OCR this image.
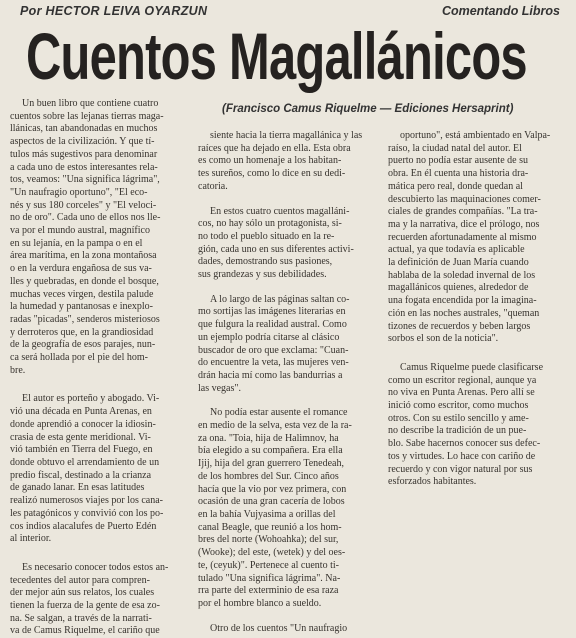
Por HECTOR LEIVA OYARZUN	Comentando Libros
Cuentos Magallánicos
(Francisco Camus Riquelme — Ediciones Hersaprint)

Un buen libro que contiene cuatro
cuentos sobre las lejanas tierras maga-
llánicas, tan abandonadas en muchos
aspectos de la civilización. Y que tí-
tulos más sugestivos para denominar
a cada uno de estos interesantes rela-
tos, veamos: "Una significa lágrima",
"Un naufragio oportuno", "El eco-
nés y sus 180 corceles" y "El veloci-
no de oro". Cada uno de ellos nos lle-
va por el mundo austral, magnífico
en su lejanía, en la pampa o en el
área marítima, en la zona montañosa
o en la verdura engañosa de sus va-
lles y quebradas, en donde el bosque,
muchas veces virgen, destila palude
la humedad y pantanosas e inexplo-
radas "picadas", senderos misteriosos
y derroteros que, en la grandiosidad
de la geografía de esos parajes, nun-
ca será hollada por el pie del hom-
bre.

El autor es porteño y abogado. Vi-
vió una década en Punta Arenas, en
donde aprendió a conocer la idiosin-
crasia de esta gente meridional. Vi-
vió también en Tierra del Fuego, en
donde obtuvo el arrendamiento de un
predio fiscal, destinado a la crianza
de ganado lanar. En esas latitudes
realizó numerosos viajes por los cana-
les patagónicos y convivió con los po-
cos indios alacalufes de Puerto Edén
al interior.

Es necesario conocer todos estos an-
tecedentes del autor para compren-
der mejor aún sus relatos, los cuales
tienen la fuerza de la gente de esa zo-
na. Se salgan, a través de la narrati-
va de Camus Riquelme, el cariño que

siente hacia la tierra magallánica y las
raíces que ha dejado en ella. Esta obra
es como un homenaje a los habitan-
tes sureños, como lo dice en su dedi-
catoria.

En estos cuatro cuentos magalláni-
cos, no hay sólo un protagonista, si-
no todo el pueblo situado en la re-
gión, cada uno en sus diferentes activi-
dades, demostrando sus pasiones,
sus grandezas y sus debilidades.

A lo largo de las páginas saltan co-
mo sortijas las imágenes literarias en
que fulgura la realidad austral. Como
un ejemplo podría citarse al clásico
buscador de oro que exclama: "Cuan-
do encuentre la veta, las mujeres ven-
drán hacia mí como las bandurrias a
las vegas".

No podía estar ausente el romance
en medio de la selva, esta vez de la ra-
za ona. "Toia, hija de Halimnov, ha
bía elegido a su compañera. Era ella
Ijij, hija del gran guerrero Tenedeah,
de los hombres del Sur. Cinco años
hacía que la vio por vez primera, con
ocasión de una gran cacería de lobos
en la bahía Vujyasima a orillas del
canal Beagle, que reunió a los hom-
bres del norte (Wohoahka); del sur,
(Wooke); del este, (wetek) y del oes-
te, (ceyuk)". Pertenece al cuento ti-
tulado "Una significa lágrima". Na-
rra parte del exterminio de esa raza
por el hombre blanco a sueldo.

Otro de los cuentos "Un naufragio

oportuno", está ambientado en Valpa-
raíso, la ciudad natal del autor. El
puerto no podía estar ausente de su
obra. En él cuenta una historia dra-
mática pero real, donde quedan al
descubierto las maquinaciones comer-
ciales de grandes compañías. "La tra-
ma y la narrativa, dice el prólogo, nos
recuerden afortunadamente al mismo
actual, ya que todavía es aplicable
la definición de Juan María cuando
hablaba de la soledad invernal de los
magallánicos quienes, alrededor de
una fogata encendida por la imagina-
ción en las noches australes, "queman
tizones de recuerdos y beben largos
sorbos el son de la noticia".

Camus Riquelme puede clasificarse
como un escritor regional, aunque ya
no viva en Punta Arenas. Pero allí se
inició como escritor, como muchos
otros. Con su estilo sencillo y ame-
no describe la tradición de un pue-
blo. Sabe hacernos conocer sus defec-
tos y virtudes. Lo hace con cariño de
recuerdo y con vigor natural por sus
esforzados habitantes.
